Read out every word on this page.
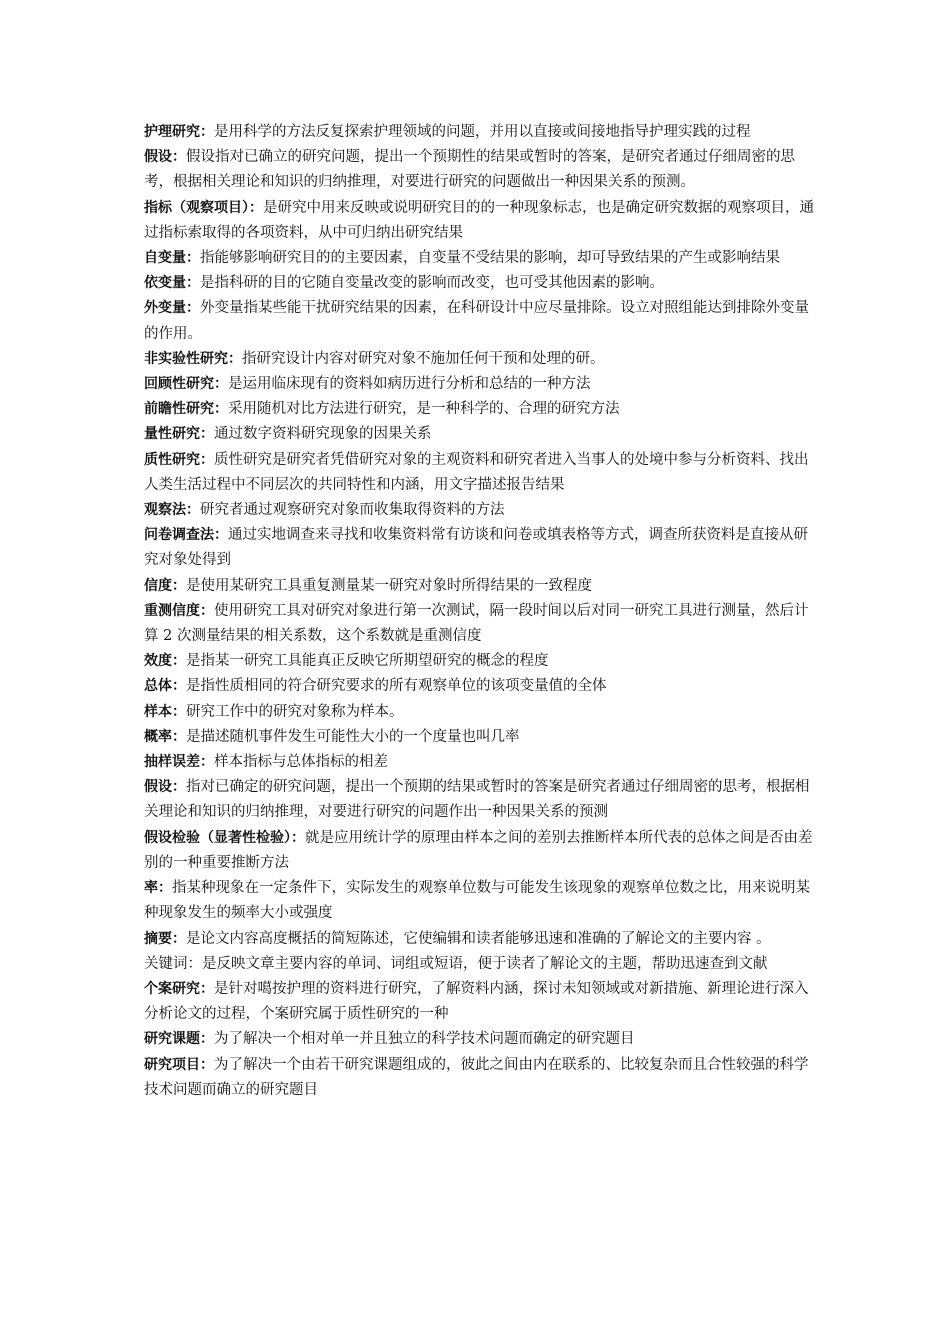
护理研究：是用科学的方法反复探索护理领域的问题，并用以直接或间接地指导护理实践的过程

假设：假设指对已确立的研究问题，提出一个预期性的结果或暂时的答案，是研究者通过仔细周密的思考，根据相关理论和知识的归纳推理，对要进行研究的问题做出一种因果关系的预测。

指标（观察项目）：是研究中用来反映或说明研究目的的一种现象标志，也是确定研究数据的观察项目，通过指标索取得的各项资料，从中可归纳出研究结果

自变量：指能够影响研究目的的主要因素，自变量不受结果的影响，却可导致结果的产生或影响结果

依变量：是指科研的目的它随自变量改变的影响而改变，也可受其他因素的影响。

外变量：外变量指某些能干扰研究结果的因素，在科研设计中应尽量排除。设立对照组能达到排除外变量的作用。

非实验性研究：指研究设计内容对研究对象不施加任何干预和处理的研。

回顾性研究：是运用临床现有的资料如病历进行分析和总结的一种方法

前瞻性研究：采用随机对比方法进行研究，是一种科学的、合理的研究方法

量性研究：通过数字资料研究现象的因果关系

质性研究：质性研究是研究者凭借研究对象的主观资料和研究者进入当事人的处境中参与分析资料、找出人类生活过程中不同层次的共同特性和内涵，用文字描述报告结果

观察法：研究者通过观察研究对象而收集取得资料的方法

问卷调查法：通过实地调查来寻找和收集资料常有访谈和问卷或填表格等方式，调查所获资料是直接从研究对象处得到

信度：是使用某研究工具重复测量某一研究对象时所得结果的一致程度

重测信度：使用研究工具对研究对象进行第一次测试，隔一段时间以后对同一研究工具进行测量，然后计算 2 次测量结果的相关系数，这个系数就是重测信度

效度：是指某一研究工具能真正反映它所期望研究的概念的程度

总体：是指性质相同的符合研究要求的所有观察单位的该项变量值的全体

样本：研究工作中的研究对象称为样本。

概率：是描述随机事件发生可能性大小的一个度量也叫几率

抽样误差：样本指标与总体指标的相差

假设：指对已确定的研究问题，提出一个预期的结果或暂时的答案是研究者通过仔细周密的思考，根据相关理论和知识的归纳推理，对要进行研究的问题作出一种因果关系的预测

假设检验（显著性检验）：就是应用统计学的原理由样本之间的差别去推断样本所代表的总体之间是否由差别的一种重要推断方法

率：指某种现象在一定条件下，实际发生的观察单位数与可能发生该现象的观察单位数之比，用来说明某种现象发生的频率大小或强度

摘要：是论文内容高度概括的简短陈述，它使编辑和读者能够迅速和准确的了解论文的主要内容 。

关键词：是反映文章主要内容的单词、词组或短语，便于读者了解论文的主题，帮助迅速查到文献

个案研究：是针对噶按护理的资料进行研究，了解资料内涵，探讨未知领域或对新措施、新理论进行深入分析论文的过程，个案研究属于质性研究的一种

研究课题：为了解决一个相对单一并且独立的科学技术问题而确定的研究题目

研究项目：为了解决一个由若干研究课题组成的，彼此之间由内在联系的、比较复杂而且合性较强的科学技术问题而确立的研究题目
